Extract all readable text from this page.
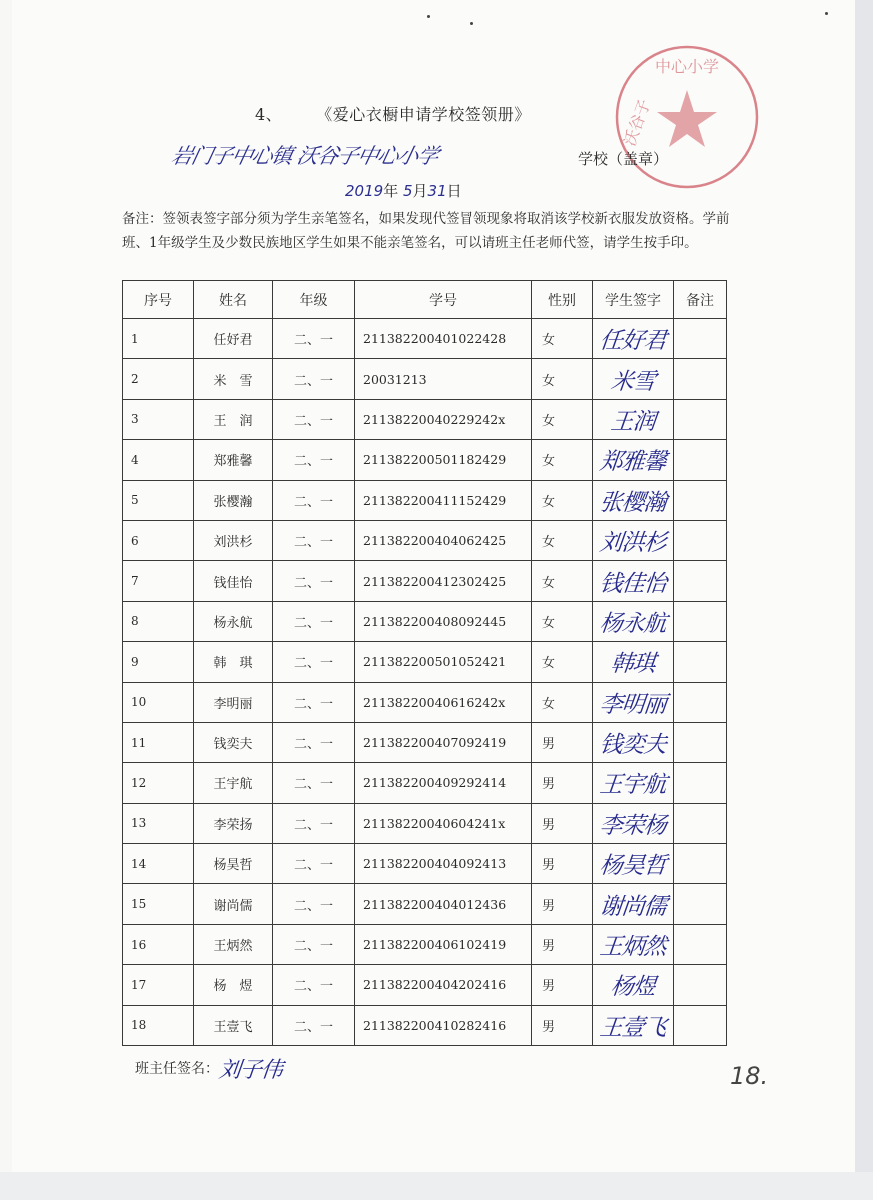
中心小学
沃谷子
4、	《爱心衣橱申请学校签领册》
岩门子中心镇 沃谷子中心小学	学校（盖章）
2019年 5月31日
备注：签领表签字部分须为学生亲笔签名，如果发现代签冒领现象将取消该学校新衣服发放资格。学前班、1年级学生及少数民族地区学生如果不能亲笔签名，可以请班主任老师代签，请学生按手印。
序号	姓名	年级	学号	性别	学生签字	备注
1	任妤君	二、一	211382200401022428	女	任好君	
2	米　雪	二、一	20031213	女	米雪	
3	王　润	二、一	2113822004022924​2x	女	王润	
4	郑雅馨	二、一	211382200501182429	女	郑雅馨	
5	张樱瀚	二、一	211382200411152429	女	张樱瀚	
6	刘洪杉	二、一	211382200404062425	女	刘洪杉	
7	钱佳怡	二、一	211382200412302425	女	钱佳怡	
8	杨永航	二、一	211382200408092445	女	杨永航	
9	韩　琪	二、一	211382200501052421	女	韩琪	
10	李明丽	二、一	21138220040616242x	女	李明丽	
11	钱奕夫	二、一	211382200407092419	男	钱奕夫	
12	王宇航	二、一	211382200409292414	男	王宇航	
13	李荣扬	二、一	21138220040604241x	男	李荣杨	
14	杨昊哲	二、一	211382200404092413	男	杨昊哲	
15	谢尚儒	二、一	211382200404012436	男	谢尚儒	
16	王炳然	二、一	211382200406102419	男	王炳然	
17	杨　煜	二、一	211382200404202416	男	杨煜	
18	王壹飞	二、一	211382200410282416	男	王壹飞	
班主任签名：刘子伟	18.
